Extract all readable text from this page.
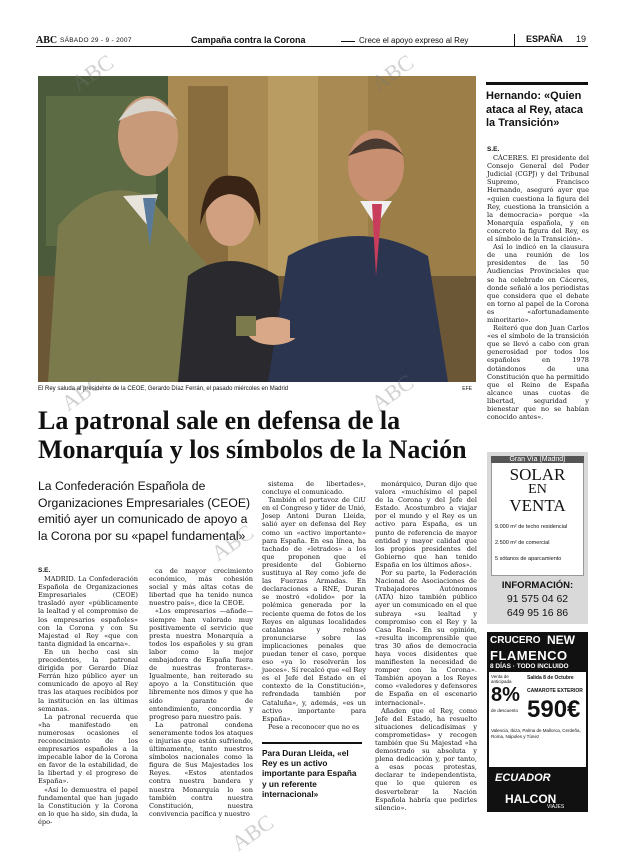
ABC SÁBADO 29 - 9 - 2007	Campaña contra la Corona	Crece el apoyo expreso al Rey	ESPAÑA 19
El Rey saluda al presidente de la CEOE, Gerardo Díaz Ferrán, el pasado miércoles en Madrid	EFE
La patronal sale en defensa de la
Monarquía y los símbolos de la Nación
La Confederación Española de Organizaciones Empresariales (CEOE) emitió ayer un comunicado de apoyo a la Corona por su «papel fundamental»
S.E.

MADRID. La Confederación Española de Organizaciones Empresariales (CEOE) trasladó ayer «públicamente la lealtad y el compromiso de los empresarios españoles» con la Corona y con Su Majestad el Rey «que con tanta dignidad la encarna».

En un hecho casi sin precedentes, la patronal dirigida por Gerardo Díaz Ferrán hizo público ayer un comunicado de apoyo al Rey tras las ataques recibidos por la institución en las últimas semanas.

La patronal recuerda que «ha manifestado en numerosas ocasiones el reconocimiento de los empresarios españoles a la impecable labor de la Corona en favor de la estabilidad, de la libertad y el progreso de España».

«Así lo demuestra el papel fundamental que han jugado la Constitución y la Corona en lo que ha sido, sin duda, la épo-

ca de mayor crecimiento económico, más cohesión social y más altas cotas de libertad que ha tenido nunca nuestro país», dice la CEOE.

«Los empresarios —añade— siempre han valorado muy positivamente el servicio que presta nuestra Monarquía a todos los españoles y su gran labor como la mejor embajadora de España fuera de nuestras fronteras». Igualmente, han reiterado su apoyo a la Constitución que libremente nos dimos y que ha sido garante de entendimiento, concordia y progreso para nuestro país.

La patronal condena seneramente todos los ataques e injurias que están sufriendo, últimamente, tanto nuestros símbolos nacionales como la figura de Sus Majestades los Reyes. «Estos atentados contra nuestra bandera y nuestra Monarquía lo son también contra nuestra Constitución, nuestra convivencia pacífica y nuestro

sistema de libertades», concluye el comunicado.

También el portavoz de CiU en el Congreso y líder de Unió, Josep Antoni Duran Lleida, salió ayer en defensa del Rey como un «activo importante» para España. En esa línea, ha tachado de «letrados» a los que proponen que el presidente del Gobierno sustituya al Rey como jefe de las Fuerzas Armadas. En declaraciones a RNE, Duran se mostró «dolido» por la polémica generada por la reciente quema de fotos de los Reyes en algunas localidades catalanas y rehusó pronunciarse sobre las implicaciones penales que puedan tener el caso, porque eso «ya lo resolverán los jueces». Sí recalcó que «el Rey es el Jefe del Estado en el contexto de la Constitución», refrendada también por Cataluña», y, además, «es un activo importante para España».

Pese a reconocer que no es

Para Duran Lleida, «el Rey es un activo importante para España y un referente internacional»

monárquico, Duran dijo que valora «muchísimo el papel de la Corona y del Jefe del Estado. Acostumbro a viajar por el mundo y el Rey es un activo para España, es un punto de referencia de mayor entidad y mayor calidad que los propios presidentes del Gobierno que han tenido España en los últimos años».

Por su parte, la Federación Nacional de Asociaciones de Trabajadores Autónomos (ATA) hizo también público ayer un comunicado en el que subraya «su lealtad y compromiso con el Rey y la Casa Real». En su opinión, «resulta incomprensible que tras 30 años de democracia haya voces disidentes que manifiesten la necesidad de romper con la Corona». También apoyan a los Reyes como «valedores y defensores de España en el escenario internacional».

Añaden que el Rey, como Jefe del Estado, ha resuelto situaciones delicadísimas y comprometidas» y recogen también que Su Majestad «ha demostrado su absoluta y plena dedicación y, por tanto, a esas pocas protestas, declarar te independentista, que lo que quieren es desvertebrar la Nación Española habría que pedirles silencio».

Hernando: «Quien ataca al Rey, ataca la Transición»
S.E.

CÁCERES. El presidente del Consejo General del Poder Judicial (CGPJ) y del Tribunal Supremo, Francisco Hernando, aseguró ayer que «quien cuestiona la figura del Rey, cuestiona la transición a la democracia» porque «la Monarquía española, y en concreto la figura del Rey, es el símbolo de la Transición».

Así lo indicó en la clausura de una reunión de los presidentes de las 50 Audiencias Provinciales que se ha celebrado en Cáceres, donde señaló a los periodistas que considera que el debate en torno al papel de la Corona es «afortunadamente minoritario».

Reiteró que don Juan Carlos «es el símbolo de la transición que se llevó a cabo con gran generosidad por todos los españoles en 1978 dotándonos de una Constitución que ha permitido que el Reino de España alcance unas cuotas de libertad, seguridad y bienestar que no se habían conocido antes».

Gran Vía (Madrid)
SOLAR
EN
VENTA
9.000 m² de techo residencial
2.500 m² de comercial
5 sótanos de aparcamiento
INFORMACIÓN:
91 575 04 62
649 95 16 86
CRUCERO NEW
FLAMENCO
8 DÍAS · TODO INCLUIDO
Venta de anticipada
8%
de descuento
Salida 8 de Octubre
CAMAROTE EXTERIOR
590€
Valencia, Ibiza, Palma de Mallorca, Cerdeña, Roma, Nápoles y Túnez
ECUADOR
HALCON
VIAJES
ABC	ABC
ABC	ABC
ABC
ABC
